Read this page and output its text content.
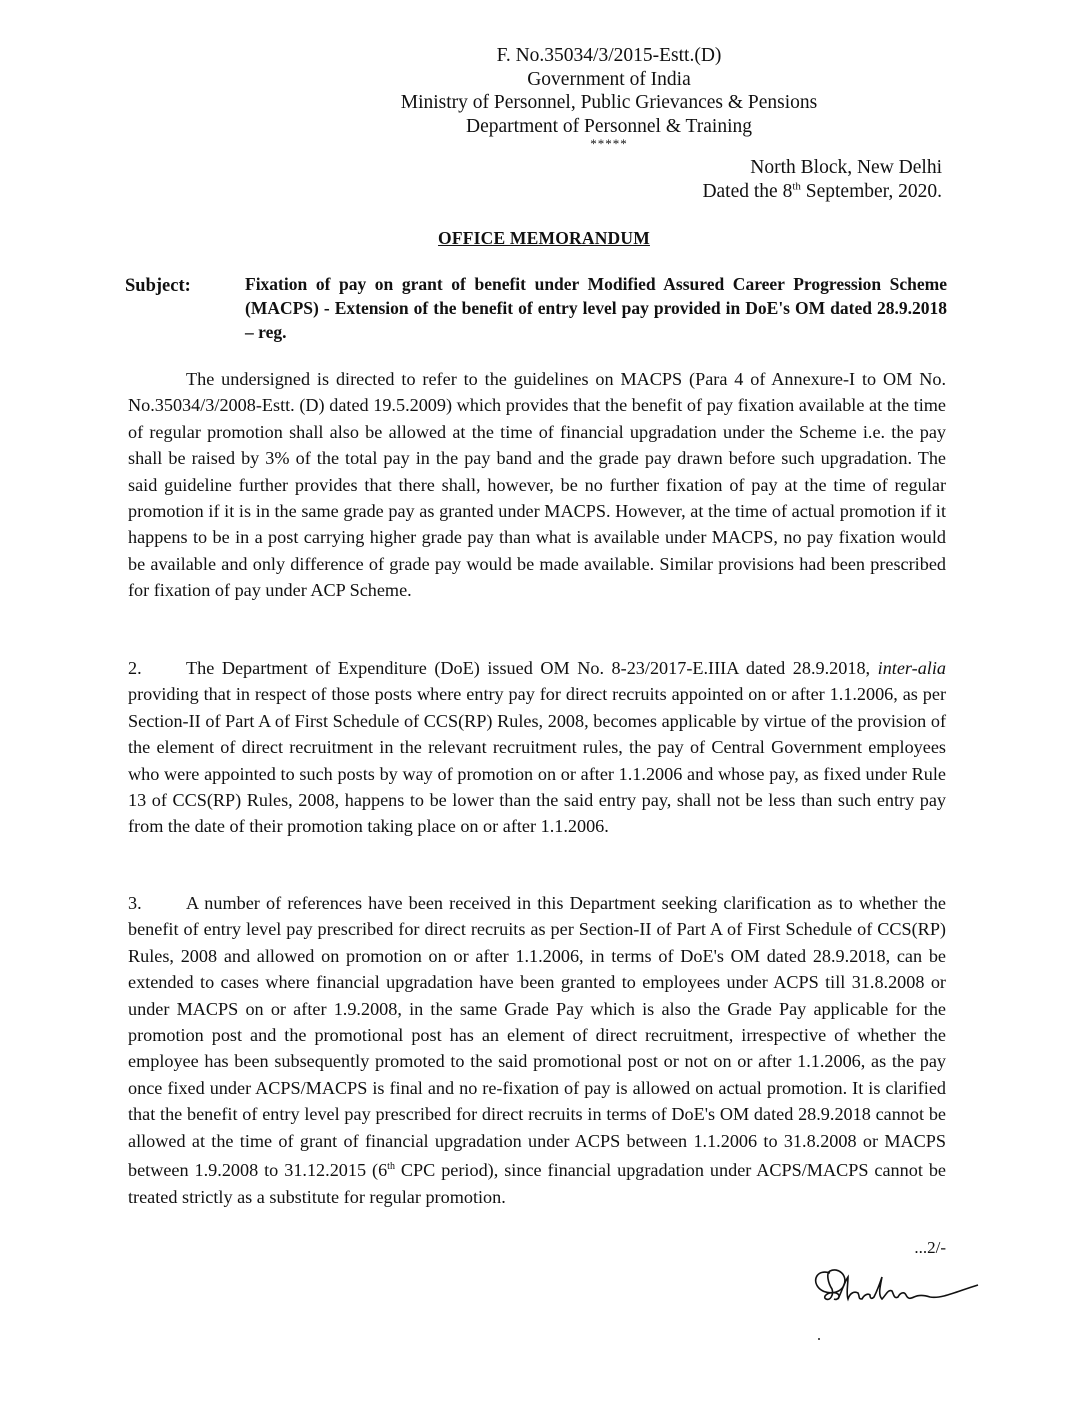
F. No.35034/3/2015-Estt.(D)
Government of India
Ministry of Personnel, Public Grievances & Pensions
Department of Personnel & Training
*****
North Block, New Delhi
Dated the 8th September, 2020.
OFFICE MEMORANDUM
Subject:	Fixation of pay on grant of benefit under Modified Assured Career Progression Scheme (MACPS) - Extension of the benefit of entry level pay provided in DoE's OM dated 28.9.2018 – reg.
The undersigned is directed to refer to the guidelines on MACPS (Para 4 of Annexure-I to OM No. No.35034/3/2008-Estt. (D) dated 19.5.2009) which provides that the benefit of pay fixation available at the time of regular promotion shall also be allowed at the time of financial upgradation under the Scheme i.e. the pay shall be raised by 3% of the total pay in the pay band and the grade pay drawn before such upgradation. The said guideline further provides that there shall, however, be no further fixation of pay at the time of regular promotion if it is in the same grade pay as granted under MACPS. However, at the time of actual promotion if it happens to be in a post carrying higher grade pay than what is available under MACPS, no pay fixation would be available and only difference of grade pay would be made available. Similar provisions had been prescribed for fixation of pay under ACP Scheme.
2. The Department of Expenditure (DoE) issued OM No. 8-23/2017-E.IIIA dated 28.9.2018, inter-alia providing that in respect of those posts where entry pay for direct recruits appointed on or after 1.1.2006, as per Section-II of Part A of First Schedule of CCS(RP) Rules, 2008, becomes applicable by virtue of the provision of the element of direct recruitment in the relevant recruitment rules, the pay of Central Government employees who were appointed to such posts by way of promotion on or after 1.1.2006 and whose pay, as fixed under Rule 13 of CCS(RP) Rules, 2008, happens to be lower than the said entry pay, shall not be less than such entry pay from the date of their promotion taking place on or after 1.1.2006.
3. A number of references have been received in this Department seeking clarification as to whether the benefit of entry level pay prescribed for direct recruits as per Section-II of Part A of First Schedule of CCS(RP) Rules, 2008 and allowed on promotion on or after 1.1.2006, in terms of DoE's OM dated 28.9.2018, can be extended to cases where financial upgradation have been granted to employees under ACPS till 31.8.2008 or under MACPS on or after 1.9.2008, in the same Grade Pay which is also the Grade Pay applicable for the promotion post and the promotional post has an element of direct recruitment, irrespective of whether the employee has been subsequently promoted to the said promotional post or not on or after 1.1.2006, as the pay once fixed under ACPS/MACPS is final and no re-fixation of pay is allowed on actual promotion. It is clarified that the benefit of entry level pay prescribed for direct recruits in terms of DoE's OM dated 28.9.2018 cannot be allowed at the time of grant of financial upgradation under ACPS between 1.1.2006 to 31.8.2008 or MACPS between 1.9.2008 to 31.12.2015 (6th CPC period), since financial upgradation under ACPS/MACPS cannot be treated strictly as a substitute for regular promotion.
...2/-
